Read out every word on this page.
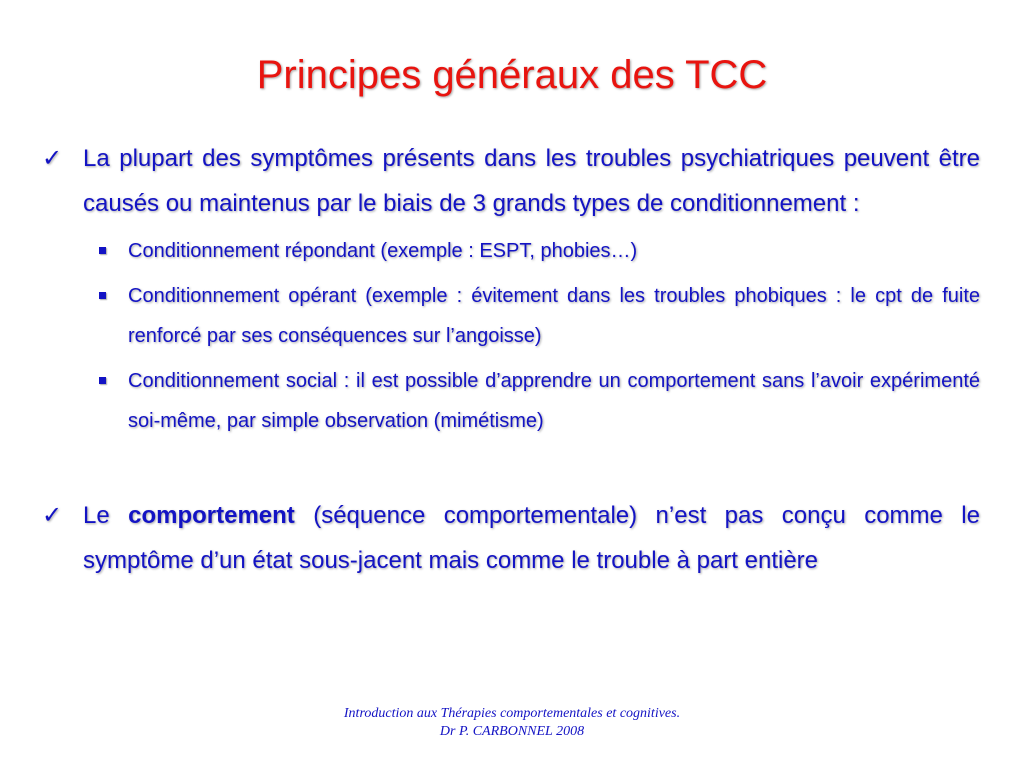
Principes généraux des TCC
✓ La plupart des symptômes présents dans les troubles psychiatriques peuvent être causés ou maintenus par le biais de 3 grands types de conditionnement :
Conditionnement répondant (exemple : ESPT, phobies…)
Conditionnement opérant (exemple : évitement dans les troubles phobiques : le cpt de fuite renforcé par ses conséquences sur l’angoisse)
Conditionnement social : il est possible d’apprendre un comportement sans l’avoir expérimenté soi-même, par simple observation (mimétisme)
✓ Le comportement (séquence comportementale) n’est pas conçu comme le symptôme d’un état sous-jacent mais comme le trouble à part entière
Introduction aux Thérapies comportementales et cognitives.
Dr P. CARBONNEL 2008
